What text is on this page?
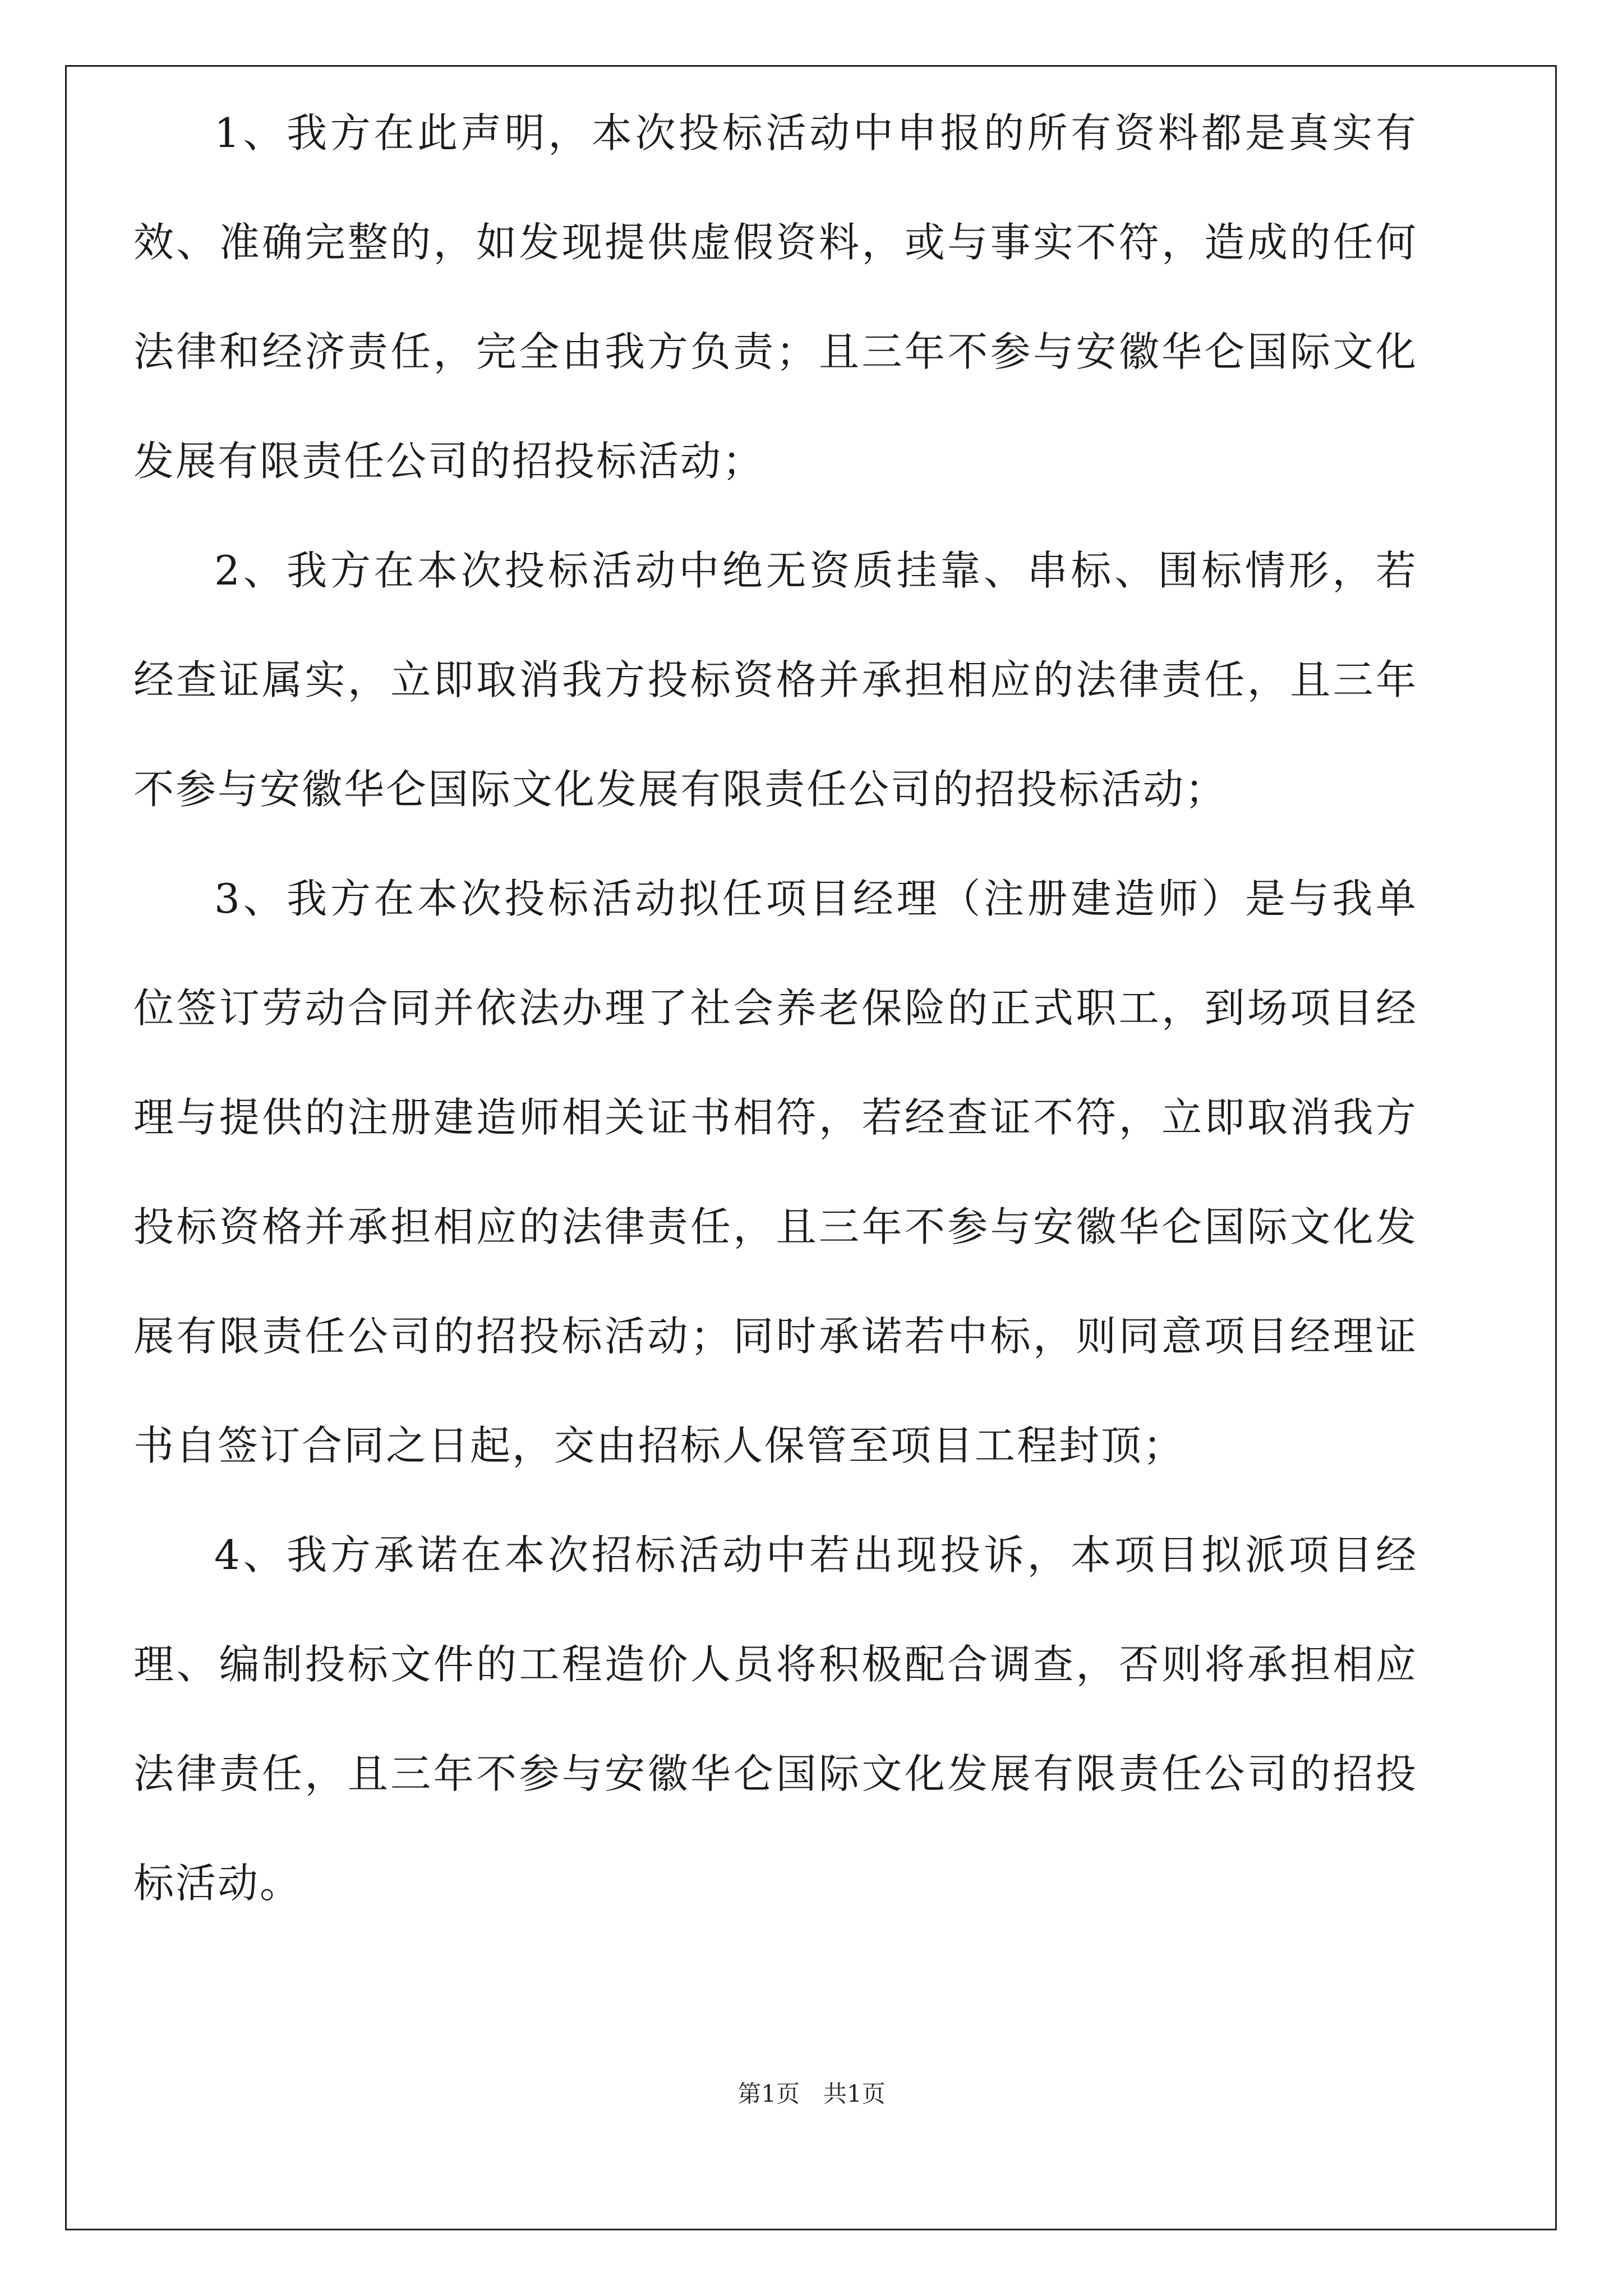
1、我方在此声明，本次投标活动中申报的所有资料都是真实有效、准确完整的，如发现提供虚假资料，或与事实不符，造成的任何法律和经济责任，完全由我方负责；且三年不参与安徽华仑国际文化发展有限责任公司的招投标活动；

2、我方在本次投标活动中绝无资质挂靠、串标、围标情形，若经查证属实，立即取消我方投标资格并承担相应的法律责任，且三年不参与安徽华仑国际文化发展有限责任公司的招投标活动；

3、我方在本次投标活动拟任项目经理（注册建造师）是与我单位签订劳动合同并依法办理了社会养老保险的正式职工，到场项目经理与提供的注册建造师相关证书相符，若经查证不符，立即取消我方投标资格并承担相应的法律责任，且三年不参与安徽华仑国际文化发展有限责任公司的招投标活动；同时承诺若中标，则同意项目经理证书自签订合同之日起，交由招标人保管至项目工程封顶；

4、我方承诺在本次招标活动中若出现投诉，本项目拟派项目经理、编制投标文件的工程造价人员将积极配合调查，否则将承担相应法律责任，且三年不参与安徽华仑国际文化发展有限责任公司的招投标活动。

第1页　共1页
